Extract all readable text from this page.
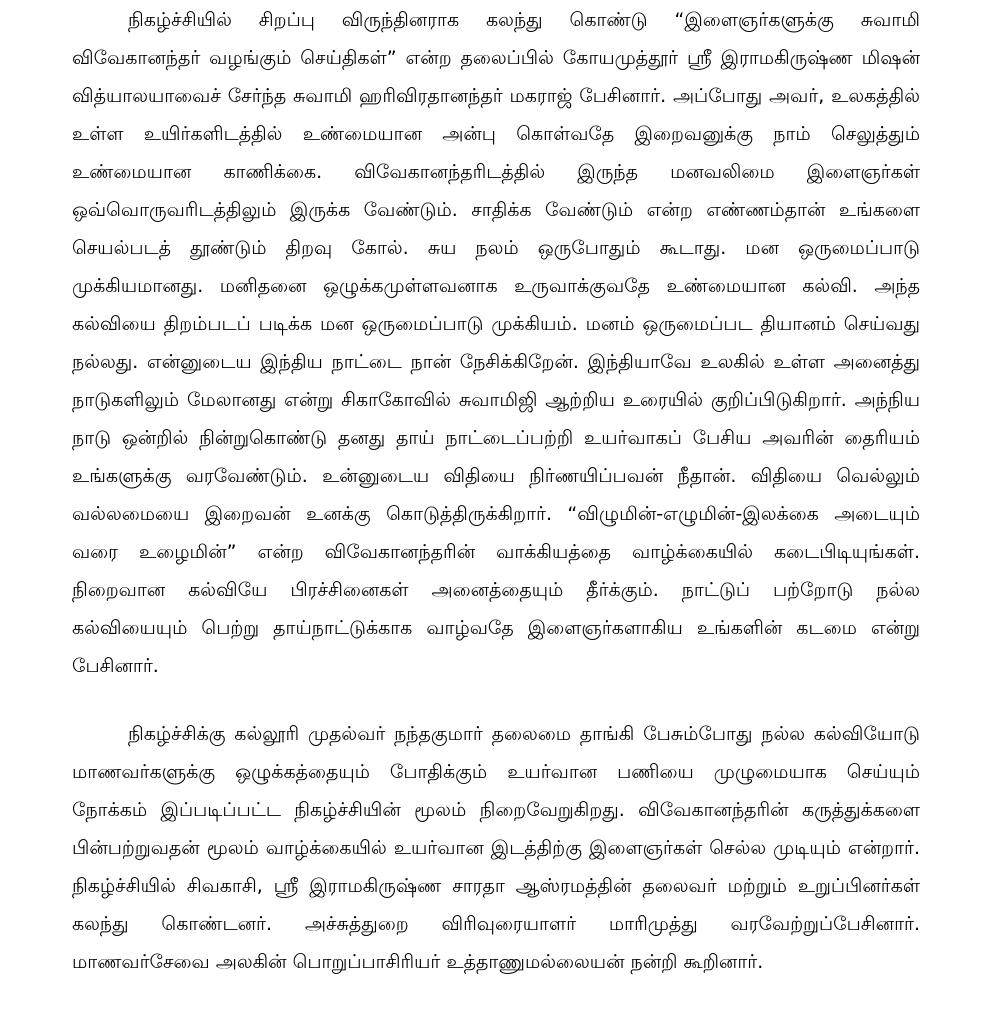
நிகழ்ச்சியில் சிறப்பு விருந்தினராக கலந்து கொண்டு “இளைஞர்களுக்கு சுவாமி
விவேகானந்தர் வழங்கும் செய்திகள்” என்ற தலைப்பில் கோயமுத்தூர் ஸ்ரீ இராமகிருஷ்ண மிஷன்
வித்யாலயாவைச் சேர்ந்த சுவாமி ஹரிவிரதானந்தர் மகராஜ் பேசினார். அப்போது அவர், உலகத்தில்
உள்ள உயிர்களிடத்தில் உண்மையான அன்பு கொள்வதே இறைவனுக்கு நாம் செலுத்தும்
உண்மையான காணிக்கை. விவேகானந்தரிடத்தில் இருந்த மனவலிமை இளைஞர்கள்
ஒவ்வொருவரிடத்திலும் இருக்க வேண்டும். சாதிக்க வேண்டும் என்ற எண்ணம்தான் உங்களை
செயல்படத் தூண்டும் திறவு கோல். சுய நலம் ஒருபோதும் கூடாது. மன ஒருமைப்பாடு
முக்கியமானது. மனிதனை ஒழுக்கமுள்ளவனாக உருவாக்குவதே உண்மையான கல்வி. அந்த
கல்வியை திறம்படப் படிக்க மன ஒருமைப்பாடு முக்கியம். மனம் ஒருமைப்பட தியானம் செய்வது
நல்லது. என்னுடைய இந்திய நாட்டை நான் நேசிக்கிறேன். இந்தியாவே உலகில் உள்ள அனைத்து
நாடுகளிலும் மேலானது என்று சிகாகோவில் சுவாமிஜி ஆற்றிய உரையில் குறிப்பிடுகிறார். அந்நிய
நாடு ஒன்றில் நின்றுகொண்டு தனது தாய் நாட்டைப்பற்றி உயர்வாகப் பேசிய அவரின் தைரியம்
உங்களுக்கு வரவேண்டும். உன்னுடைய விதியை நிர்ணயிப்பவன் நீதான். விதியை வெல்லும்
வல்லமையை இறைவன் உனக்கு கொடுத்திருக்கிறார். “விழுமின்-எழுமின்-இலக்கை அடையும்
வரை உழைமின்” என்ற விவேகானந்தரின் வாக்கியத்தை வாழ்க்கையில் கடைபிடியுங்கள்.
நிறைவான கல்வியே பிரச்சினைகள் அனைத்தையும் தீர்க்கும். நாட்டுப் பற்றோடு நல்ல
கல்வியையும் பெற்று தாய்நாட்டுக்காக வாழ்வதே இளைஞர்களாகிய உங்களின் கடமை என்று
பேசினார்.
நிகழ்ச்சிக்கு கல்லூரி முதல்வர் நந்தகுமார் தலைமை தாங்கி பேசும்போது நல்ல கல்வியோடு
மாணவர்களுக்கு ஒழுக்கத்தையும் போதிக்கும் உயர்வான பணியை முழுமையாக செய்யும்
நோக்கம் இப்படிப்பட்ட நிகழ்ச்சியின் மூலம் நிறைவேறுகிறது. விவேகானந்தரின் கருத்துக்களை
பின்பற்றுவதன் மூலம் வாழ்க்கையில் உயர்வான இடத்திற்கு இளைஞர்கள் செல்ல முடியும் என்றார்.
நிகழ்ச்சியில் சிவகாசி, ஸ்ரீ இராமகிருஷ்ண சாரதா ஆஸ்ரமத்தின் தலைவர் மற்றும் உறுப்பினர்கள்
கலந்து கொண்டனர். அச்சுத்துறை விரிவுரையாளர் மாரிமுத்து வரவேற்றுப்பேசினார்.
மாணவர்சேவை அலகின் பொறுப்பாசிரியர் உத்தாணுமல்லையன் நன்றி கூறினார்.
